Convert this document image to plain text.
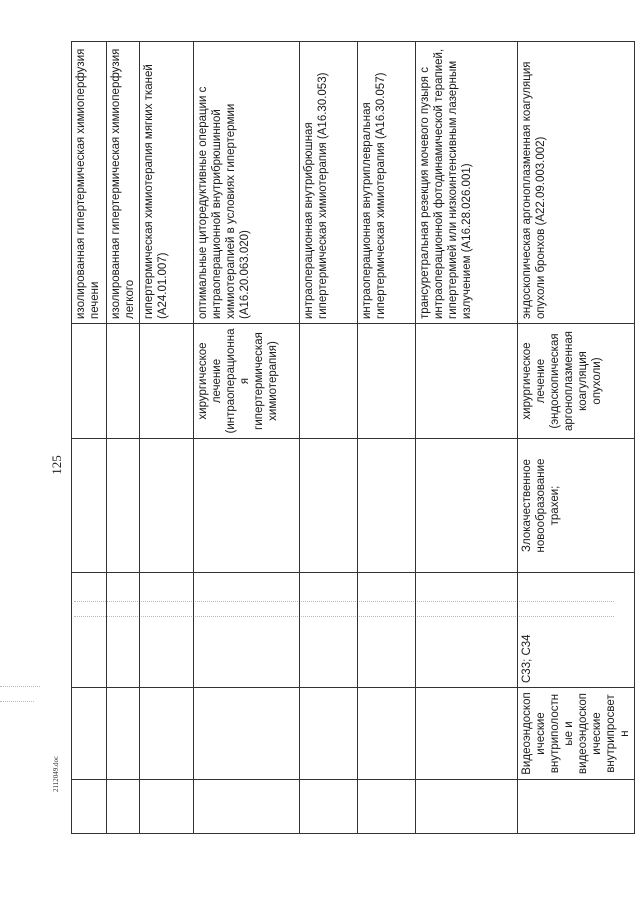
125
					изолированная гипертермическая химиоперфузия печени
					изолированная гипертермическая химиоперфузия легкого
					гипертермическая химиотерапия мягких тканей (A24.01.007)
				хирургическое лечение (интраоперационная гипертермическая химиотерапия)	оптимальные циторедуктивные операции с интраоперационной внутрибрюшинной химиотерапией в условиях гипертермии (A16.20.063.020)
					интраоперационная внутрибрюшная гипертермическая химиотерапия (A16.30.053)
					интраоперационная внутриплевральная гипертермическая химиотерапия (A16.30.057)
					трансуретральная резекция мочевого пузыря с интраоперационной фотодинамической терапией, гипертермией или низкоинтенсивным лазерным излучением (A16.28.026.001)
	Видеоэндоскопические внутриполостные и видеоэндоскопические внутрипросветн	C33; C34	Злокачественное новообразование трахеи;	хирургическое лечение (эндоскопическая аргоноплазменная коагуляция опухоли)	эндоскопическая аргоноплазменная коагуляция опухоли бронхов (A22.09.003.002)
2112049.doc
